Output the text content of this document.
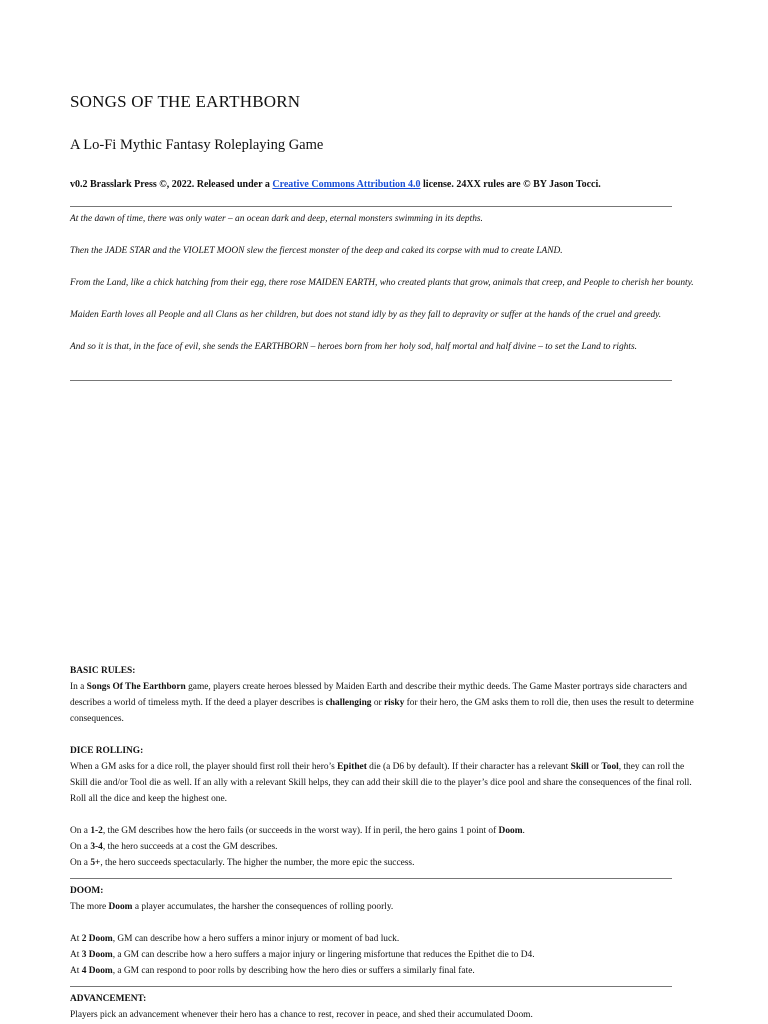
SONGS OF THE EARTHBORN
A Lo-Fi Mythic Fantasy Roleplaying Game

v0.2 Brasslark Press ©, 2022. Released under a Creative Commons Attribution 4.0 license. 24XX rules are © BY Jason Tocci.

At the dawn of time, there was only water – an ocean dark and deep, eternal monsters swimming in its depths.

Then the JADE STAR and the VIOLET MOON slew the fiercest monster of the deep and caked its corpse with mud to create LAND.

From the Land, like a chick hatching from their egg, there rose MAIDEN EARTH, who created plants that grow, animals that creep, and People to cherish her bounty.

Maiden Earth loves all People and all Clans as her children, but does not stand idly by as they fall to depravity or suffer at the hands of the cruel and greedy.

And so it is that, in the face of evil, she sends the EARTHBORN – heroes born from her holy sod, half mortal and half divine – to set the Land to rights.

BASIC RULES:

In a Songs Of The Earthborn game, players create heroes blessed by Maiden Earth and describe their mythic deeds. The Game Master portrays side characters and describes a world of timeless myth. If the deed a player describes is challenging or risky for their hero, the GM asks them to roll die, then uses the result to determine consequences.

DICE ROLLING:

When a GM asks for a dice roll, the player should first roll their hero’s Epithet die (a D6 by default). If their character has a relevant Skill or Tool, they can roll the Skill die and/or Tool die as well. If an ally with a relevant Skill helps, they can add their skill die to the player’s dice pool and share the consequences of the final roll. Roll all the dice and keep the highest one.

On a 1-2, the GM describes how the hero fails (or succeeds in the worst way). If in peril, the hero gains 1 point of Doom.

On a 3-4, the hero succeeds at a cost the GM describes.

On a 5+, the hero succeeds spectacularly. The higher the number, the more epic the success.

DOOM:

The more Doom a player accumulates, the harsher the consequences of rolling poorly.

At 2 Doom, GM can describe how a hero suffers a minor injury or moment of bad luck.

At 3 Doom, a GM can describe how a hero suffers a major injury or lingering misfortune that reduces the Epithet die to D4.

At 4 Doom, a GM can respond to poor rolls by describing how the hero dies or suffers a similarly final fate.

ADVANCEMENT:

Players pick an advancement whenever their hero has a chance to rest, recover in peace, and shed their accumulated Doom.
